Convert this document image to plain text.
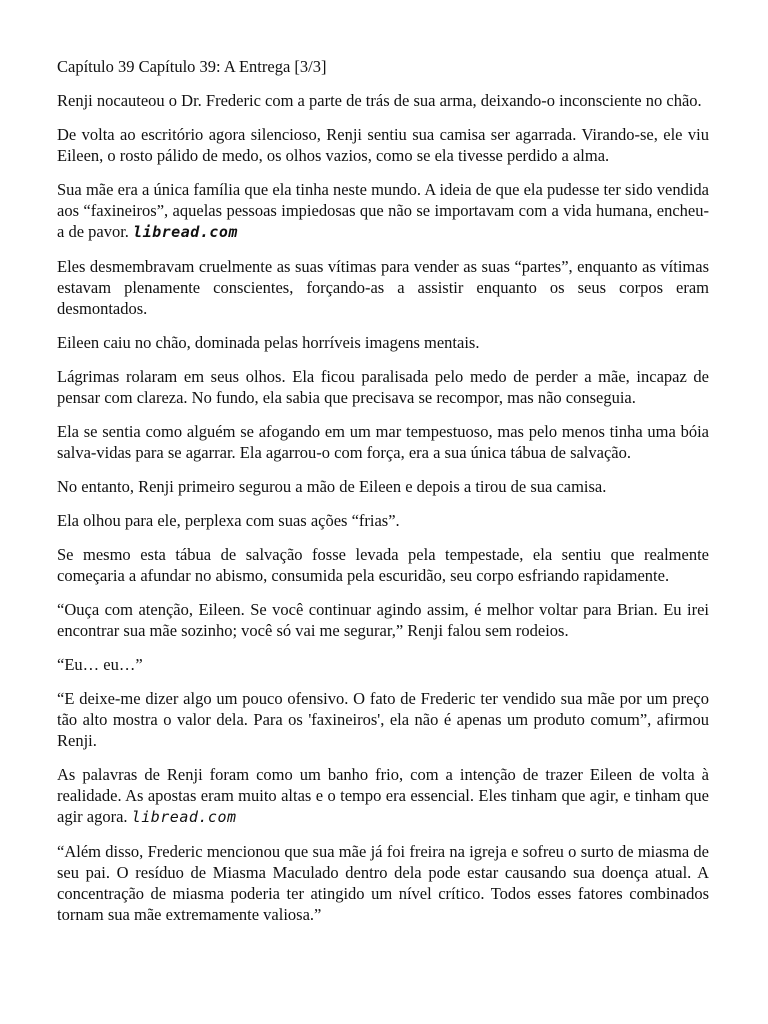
Capítulo 39 Capítulo 39: A Entrega [3/3]

Renji nocauteou o Dr. Frederic com a parte de trás de sua arma, deixando-o inconsciente no chão.

De volta ao escritório agora silencioso, Renji sentiu sua camisa ser agarrada. Virando-se, ele viu Eileen, o rosto pálido de medo, os olhos vazios, como se ela tivesse perdido a alma.

Sua mãe era a única família que ela tinha neste mundo. A ideia de que ela pudesse ter sido vendida aos “faxineiros”, aquelas pessoas impiedosas que não se importavam com a vida humana, encheu-a de pavor. libread.com

Eles desmembravam cruelmente as suas vítimas para vender as suas “partes”, enquanto as vítimas estavam plenamente conscientes, forçando-as a assistir enquanto os seus corpos eram desmontados.

Eileen caiu no chão, dominada pelas horríveis imagens mentais.

Lágrimas rolaram em seus olhos. Ela ficou paralisada pelo medo de perder a mãe, incapaz de pensar com clareza. No fundo, ela sabia que precisava se recompor, mas não conseguia.

Ela se sentia como alguém se afogando em um mar tempestuoso, mas pelo menos tinha uma bóia salva-vidas para se agarrar. Ela agarrou-o com força, era a sua única tábua de salvação.

No entanto, Renji primeiro segurou a mão de Eileen e depois a tirou de sua camisa.

Ela olhou para ele, perplexa com suas ações “frias”.

Se mesmo esta tábua de salvação fosse levada pela tempestade, ela sentiu que realmente começaria a afundar no abismo, consumida pela escuridão, seu corpo esfriando rapidamente.

“Ouça com atenção, Eileen. Se você continuar agindo assim, é melhor voltar para Brian. Eu irei encontrar sua mãe sozinho; você só vai me segurar,” Renji falou sem rodeios.

“Eu… eu…”

“E deixe-me dizer algo um pouco ofensivo. O fato de Frederic ter vendido sua mãe por um preço tão alto mostra o valor dela. Para os 'faxineiros', ela não é apenas um produto comum”, afirmou Renji.

As palavras de Renji foram como um banho frio, com a intenção de trazer Eileen de volta à realidade. As apostas eram muito altas e o tempo era essencial. Eles tinham que agir, e tinham que agir agora. libread.com

“Além disso, Frederic mencionou que sua mãe já foi freira na igreja e sofreu o surto de miasma de seu pai. O resíduo de Miasma Maculado dentro dela pode estar causando sua doença atual. A concentração de miasma poderia ter atingido um nível crítico. Todos esses fatores combinados tornam sua mãe extremamente valiosa.”
